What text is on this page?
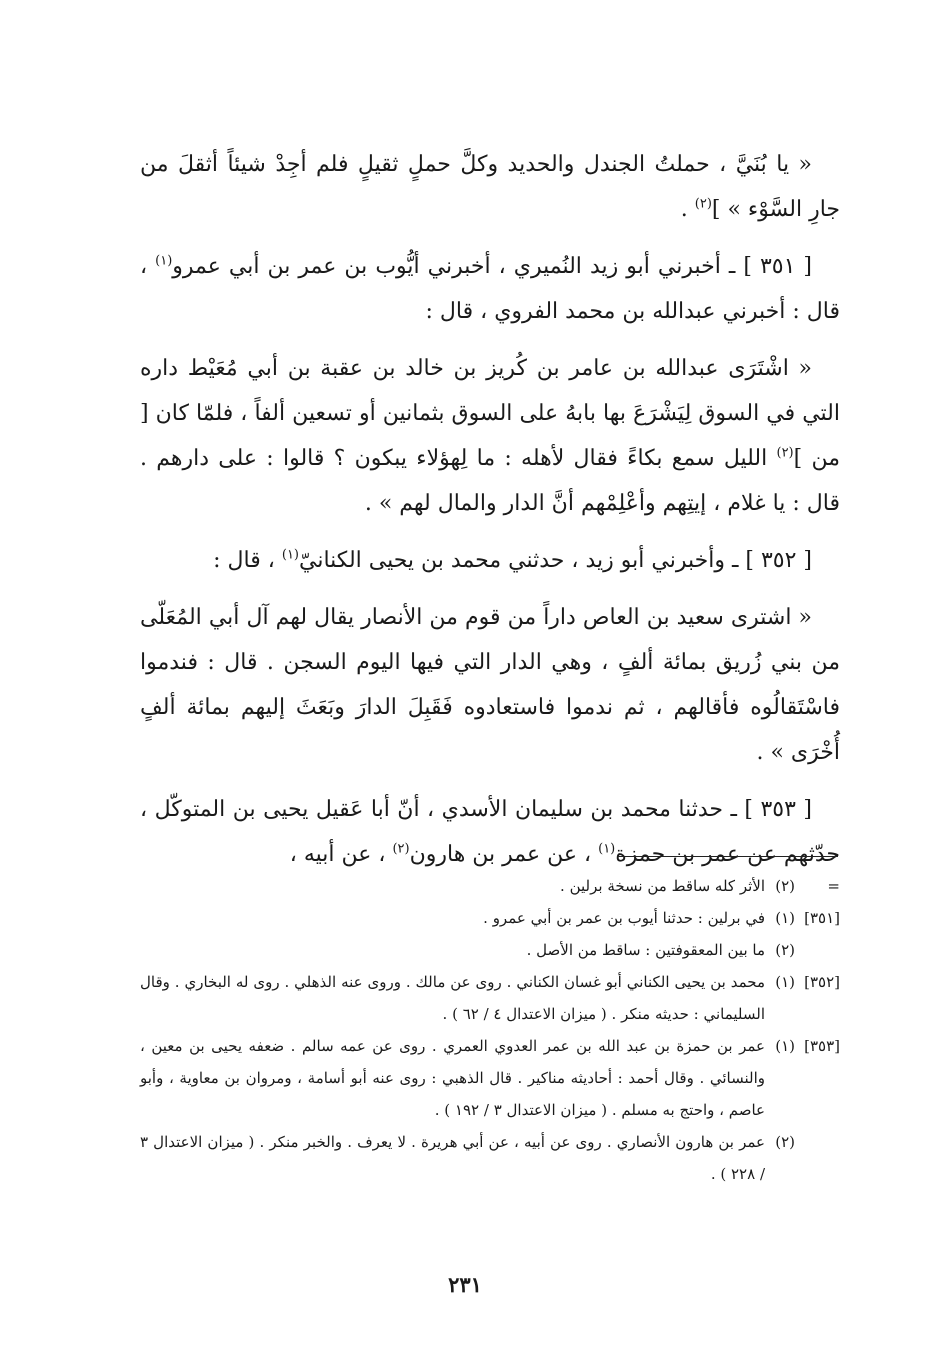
« يا بُنَيَّ ، حملتُ الجندل والحديد وكلَّ حملٍ ثقيلٍ فلم أجِدْ شيئاً أثقلَ من جارِ السَّوْء » ]$^{(٢)}$ .

[ ٣٥١ ] ـ أخبرني أبو زيد النُميري ، أخبرني أيُّوب بن عمر بن أبي عمرو$^{(١)}$ ، قال : أخبرني عبدالله بن محمد الفروي ، قال :

« اشْتَرَى عبدالله بن عامر بن كُريز بن خالد بن عقبة بن أبي مُعَيْط داره التي في السوق لِيَشْرَعَ بها بابهُ على السوق بثمانين أو تسعين ألفاً ، فلمّا كان [ من ]$^{(٢)}$ الليل سمع بكاءً فقال لأهله : ما لِهؤلاء يبكون ؟ قالوا : على دارهم . قال : يا غلام ، إيتِهم وأعْلِمْهم أنَّ الدار والمال لهم » .

[ ٣٥٢ ] ـ وأخبرني أبو زيد ، حدثني محمد بن يحيى الكنانيّ$^{(١)}$ ، قال :

« اشترى سعيد بن العاص داراً من قوم من الأنصار يقال لهم آل أبي المُعَلّى من بني زُريق بمائة ألفٍ ، وهي الدار التي فيها اليوم السجن . قال : فندموا فاسْتَقالُوه فأقالهم ، ثم ندموا فاستعادوه فَقَبِلَ الدارَ وبَعَثَ إليهم بمائة ألفٍ أُخْرَى » .

[ ٣٥٣ ] ـ حدثنا محمد بن سليمان الأسدي ، أنّ أبا عَقيل يحيى بن المتوكّل ، حدّثهم عن عمر بن حمزة$^{(١)}$ ، عن عمر بن هارون$^{(٢)}$ ، عن أبيه ،

=
(٢)
الأثر كله ساقط من نسخة برلين .
[٣٥١]
(١)
في برلين : حدثنا أيوب بن عمر بن أبي عمرو .
(٢)
ما بين المعقوفتين : ساقط من الأصل .
[٣٥٢]
(١)
محمد بن يحيى الكناني أبو غسان الكناني . روى عن مالك . وروى عنه الذهلي . روى له البخاري . وقال السليماني : حديثه منكر . ( ميزان الاعتدال ٤ / ٦٢ ) .
[٣٥٣]
(١)
عمر بن حمزة بن عبد الله بن عمر العدوي العمري . روى عن عمه سالم . ضعفه يحيى بن معين ، والنسائي . وقال أحمد : أحاديثه مناكير . قال الذهبي : روى عنه أبو أسامة ، ومروان بن معاوية ، وأبو عاصم ، واحتج به مسلم . ( ميزان الاعتدال ٣ / ١٩٢ ) .
(٢)
عمر بن هارون الأنصاري . روى عن أبيه ، عن أبي هريرة . لا يعرف . والخبر منكر . ( ميزان الاعتدال ٣ / ٢٢٨ ) .
٢٣١
